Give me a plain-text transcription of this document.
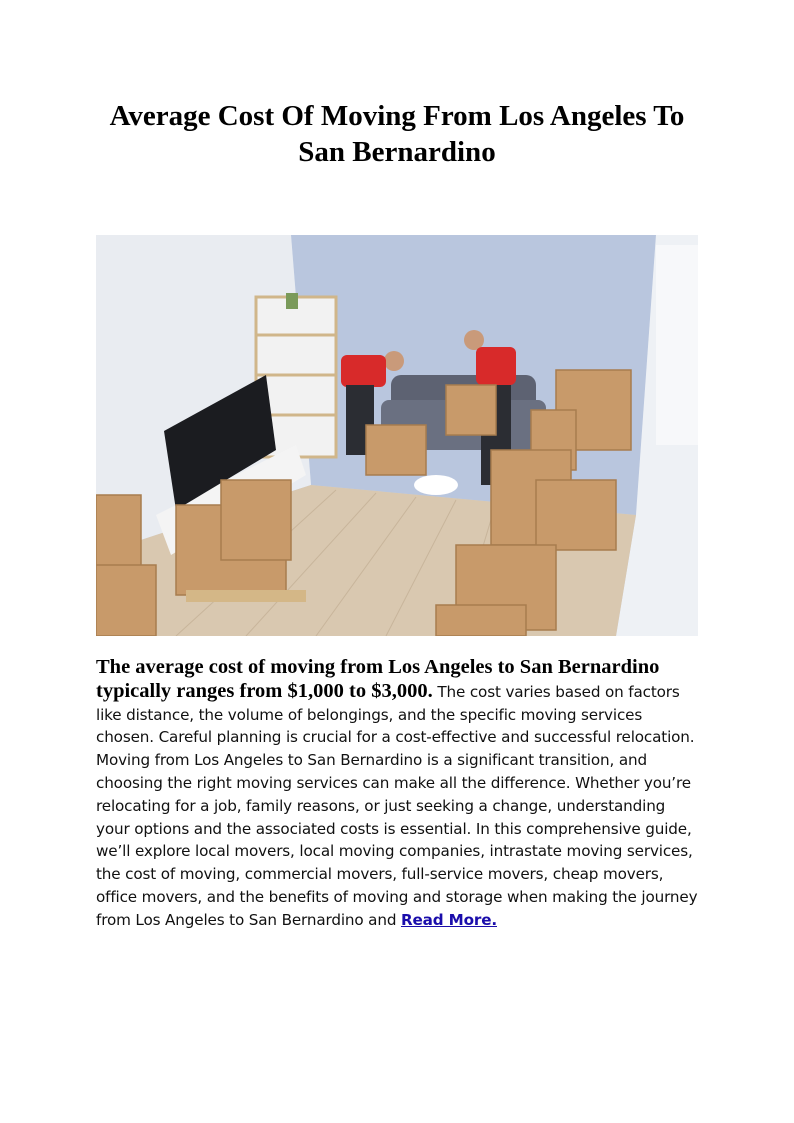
Average Cost Of Moving From Los Angeles To San Bernardino

The average cost of moving from Los Angeles to San Bernardino typically ranges from $1,000 to $3,000. The cost varies based on factors like distance, the volume of belongings, and the specific moving services chosen. Careful planning is crucial for a cost-effective and successful relocation.
Moving from Los Angeles to San Bernardino is a significant transition, and choosing the right moving services can make all the difference. Whether you’re relocating for a job, family reasons, or just seeking a change, understanding your options and the associated costs is essential. In this comprehensive guide, we’ll explore local movers, local moving companies, intrastate moving services, the cost of moving, commercial movers, full-service movers, cheap movers, office movers, and the benefits of moving and storage when making the journey from Los Angeles to San Bernardino and Read More.
